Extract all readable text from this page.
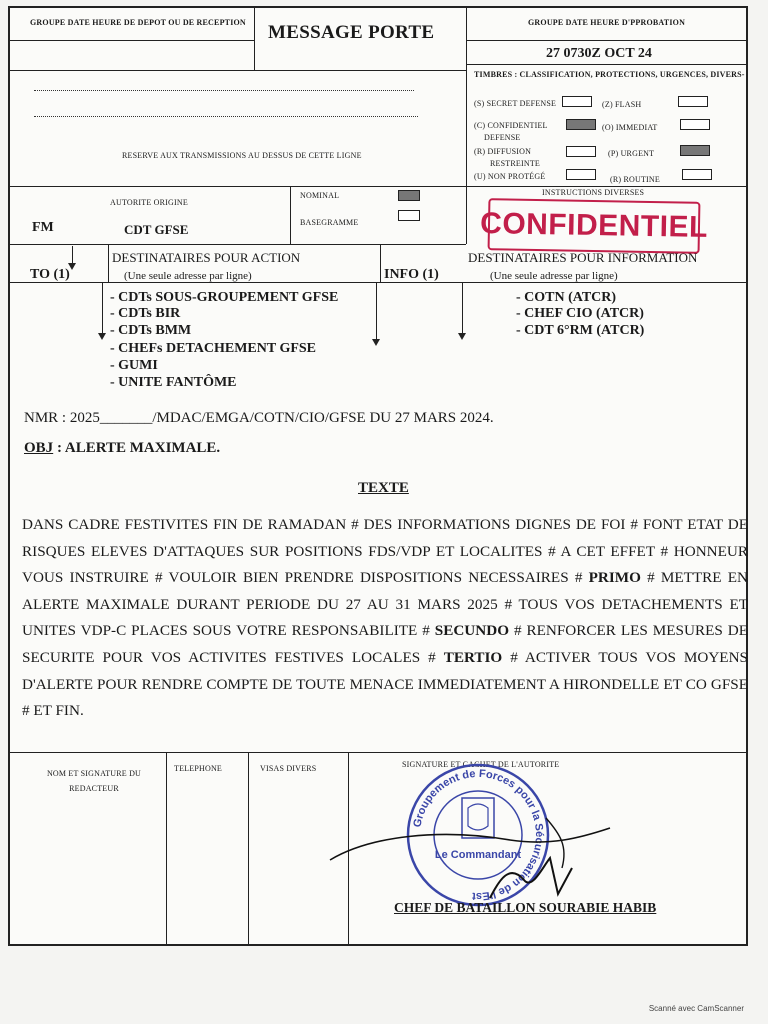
GROUPE DATE HEURE DE DEPOT OU DE RECEPTION MESSAGE PORTE	GROUPE DATE HEURE D'PPROBATION
27 0730Z OCT 24
TIMBRES : CLASSIFICATION, PROTECTIONS, URGENCES, DIVERS-
RESERVE AUX TRANSMISSIONS AU DESSUS DE CETTE LIGNE
(S) SECRET DEFENSE	(Z) FLASH
(C) CONFIDENTIEL	(O) IMMEDIAT
DEFENSE
(R) DIFFUSION	(P) URGENT
RESTREINTE
(U) NON PROTÉGÉ	(R) ROUTINE
INSTRUCTIONS DIVERSES
CONFIDENTIEL
FM
AUTORITE ORIGINE
CDT GFSE
NOMINAL
BASEGRAMME
DESTINATAIRES POUR ACTION
(Une seule adresse par ligne)
TO (1)	INFO (1)
DESTINATAIRES POUR INFORMATION
(Une seule adresse par ligne)
- CDTs SOUS-GROUPEMENT GFSE
- CDTs BIR
- CDTs BMM
- CHEFs DETACHEMENT GFSE
- GUMI
- UNITE FANTÔME
- COTN (ATCR)
- CHEF CIO (ATCR)
- CDT 6°RM (ATCR)
NMR : 2025_______/MDAC/EMGA/COTN/CIO/GFSE DU 27 MARS 2024.
OBJ : ALERTE MAXIMALE.
TEXTE

DANS CADRE FESTIVITES FIN DE RAMADAN # DES INFORMATIONS DIGNES DE FOI # FONT ETAT DE RISQUES ELEVES D'ATTAQUES SUR POSITIONS FDS/VDP ET LOCALITES # A CET EFFET # HONNEUR VOUS INSTRUIRE # VOULOIR BIEN PRENDRE DISPOSITIONS NECESSAIRES # PRIMO # METTRE EN ALERTE MAXIMALE DURANT PERIODE DU 27 AU 31 MARS 2025 # TOUS VOS DETACHEMENTS ET UNITES VDP-C PLACES SOUS VOTRE RESPONSABILITE # SECUNDO # RENFORCER LES MESURES DE SECURITE POUR VOS ACTIVITES FESTIVES LOCALES # TERTIO # ACTIVER TOUS VOS MOYENS D'ALERTE POUR RENDRE COMPTE DE TOUTE MENACE IMMEDIATEMENT A HIRONDELLE ET CO GFSE # ET FIN.

NOM ET SIGNATURE DU REDACTEUR
TELEPHONE	VISAS DIVERS	SIGNATURE ET CACHET DE L'AUTORITE
Groupement de Forces pour la Sécurisation de l'Est
Le Commandant
CHEF DE BATAILLON SOURABIE HABIB
Scanné avec CamScanner
